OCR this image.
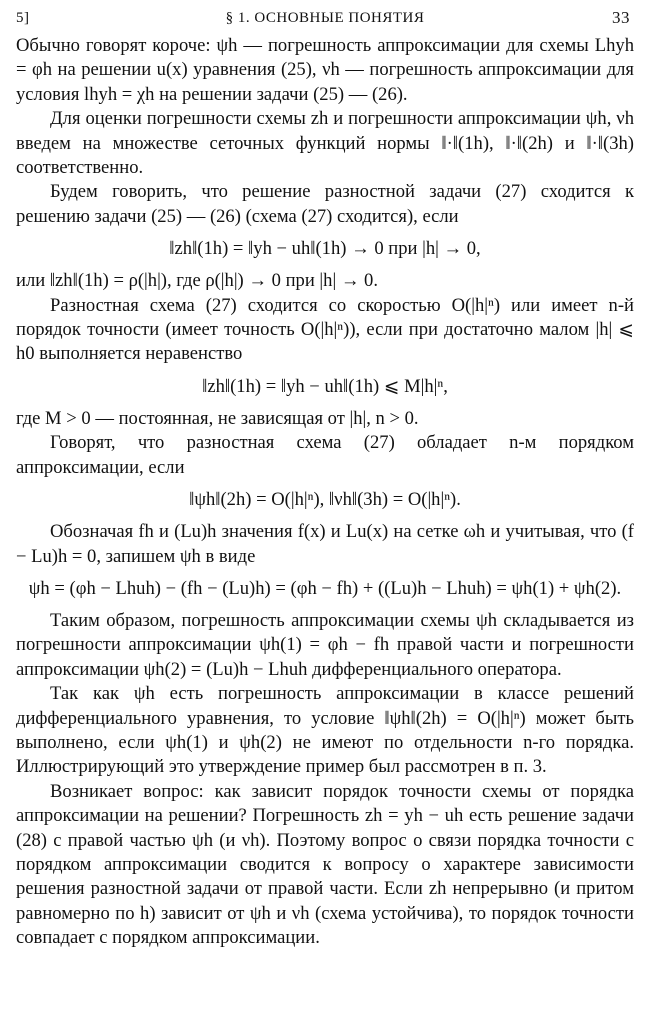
5]	§ 1. ОСНОВНЫЕ ПОНЯТИЯ	33

Обычно говорят короче: ψh — погрешность аппроксимации для схемы Lhyh = φh на решении u(x) уравнения (25), νh — погрешность аппроксимации для условия lhyh = χh на решении задачи (25) — (26).

Для оценки погрешности схемы zh и погрешности аппроксимации ψh, νh введем на множестве сеточных функций нормы ‖·‖(1h), ‖·‖(2h) и ‖·‖(3h) соответственно.

Будем говорить, что решение разностной задачи (27) сходится к решению задачи (25) — (26) (схема (27) сходится), если

‖zh‖(1h) = ‖yh − uh‖(1h) → 0 при |h| → 0,

или ‖zh‖(1h) = ρ(|h|), где ρ(|h|) → 0 при |h| → 0.

Разностная схема (27) сходится со скоростью O(|h|ⁿ) или имеет n-й порядок точности (имеет точность O(|h|ⁿ)), если при достаточно малом |h| ⩽ h0 выполняется неравенство

‖zh‖(1h) = ‖yh − uh‖(1h) ⩽ M|h|ⁿ,

где M > 0 — постоянная, не зависящая от |h|, n > 0.

Говорят, что разностная схема (27) обладает n-м порядком аппроксимации, если

‖ψh‖(2h) = O(|h|ⁿ), ‖νh‖(3h) = O(|h|ⁿ).

Обозначая fh и (Lu)h значения f(x) и Lu(x) на сетке ωh и учитывая, что (f − Lu)h = 0, запишем ψh в виде

ψh = (φh − Lhuh) − (fh − (Lu)h) = (φh − fh) + ((Lu)h − Lhuh) = ψh(1) + ψh(2).

Таким образом, погрешность аппроксимации схемы ψh складывается из погрешности аппроксимации ψh(1) = φh − fh правой части и погрешности аппроксимации ψh(2) = (Lu)h − Lhuh дифференциального оператора.

Так как ψh есть погрешность аппроксимации в классе решений дифференциального уравнения, то условие ‖ψh‖(2h) = O(|h|ⁿ) может быть выполнено, если ψh(1) и ψh(2) не имеют по отдельности n-го порядка. Иллюстрирующий это утверждение пример был рассмотрен в п. 3.

Возникает вопрос: как зависит порядок точности схемы от порядка аппроксимации на решении? Погрешность zh = yh − uh есть решение задачи (28) с правой частью ψh (и νh). Поэтому вопрос о связи порядка точности с порядком аппроксимации сводится к вопросу о характере зависимости решения разностной задачи от правой части. Если zh непрерывно (и притом равномерно по h) зависит от ψh и νh (схема устойчива), то порядок точности совпадает с порядком аппроксимации.
